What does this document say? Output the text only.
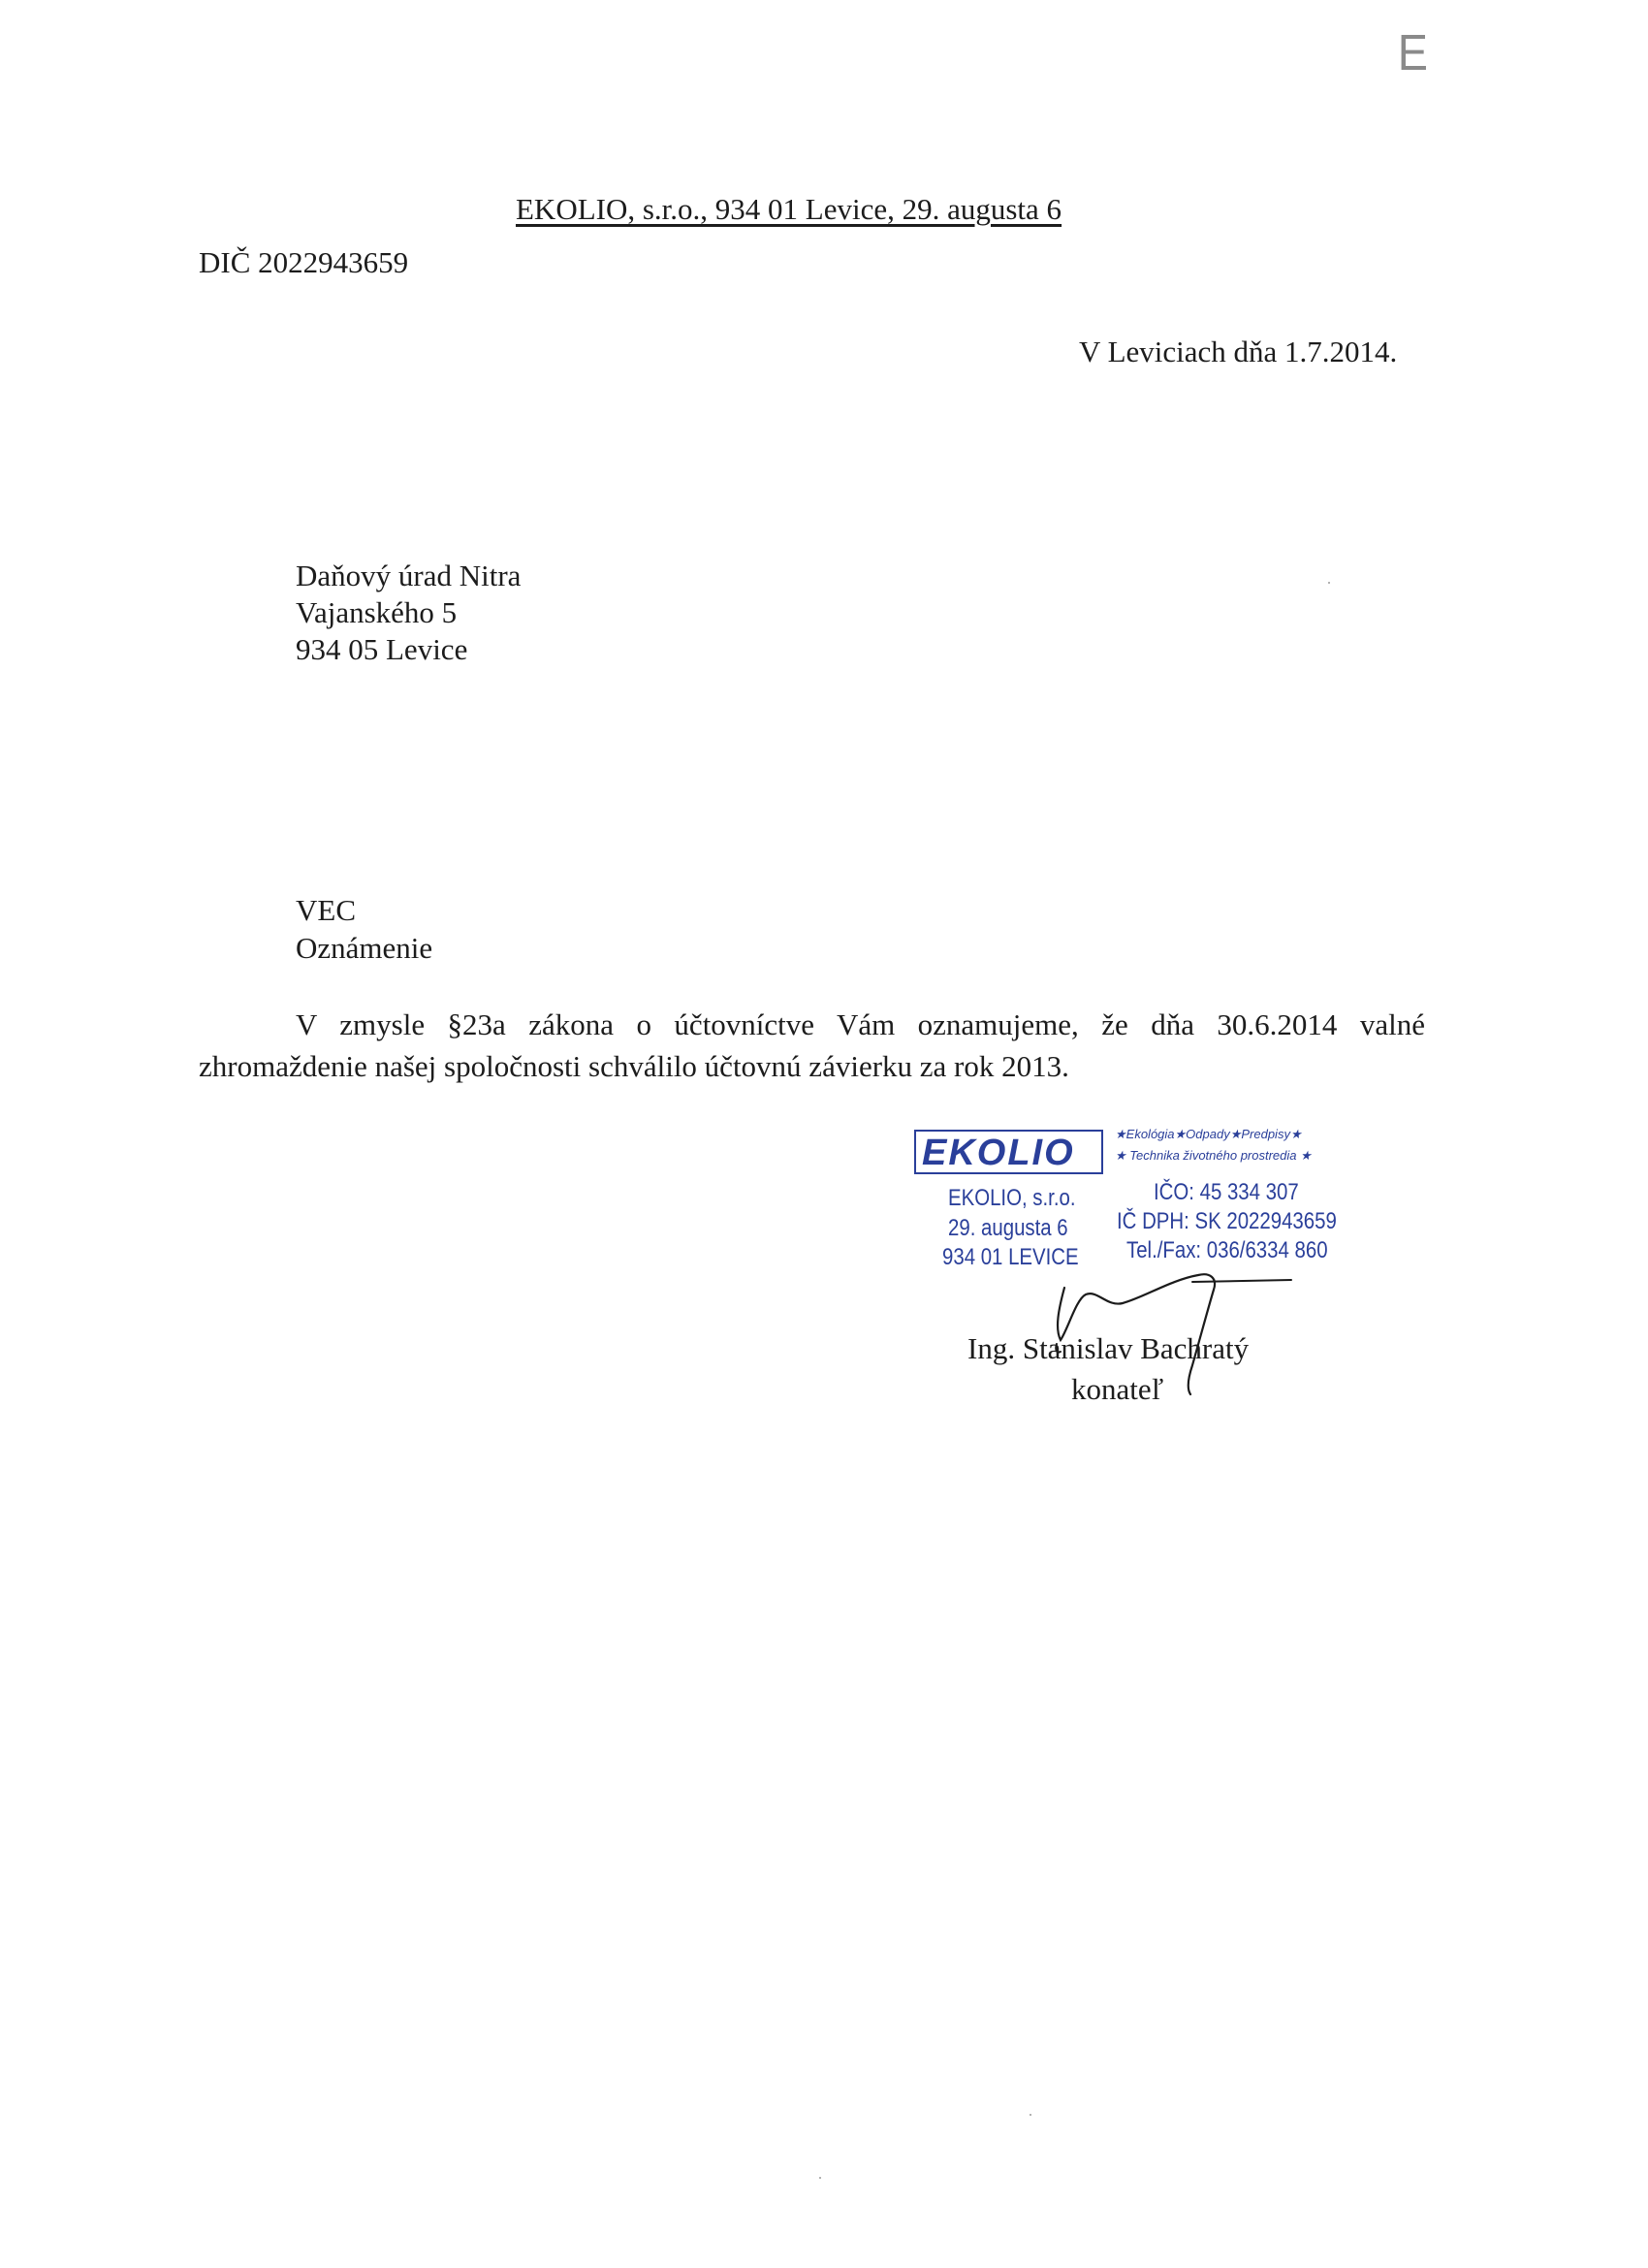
E
EKOLIO, s.r.o., 934 01 Levice, 29. augusta 6
DIČ 2022943659
V Leviciach dňa 1.7.2014.
Daňový úrad Nitra
Vajanského 5
934 05 Levice
VEC
Oznámenie
V zmysle §23a zákona o účtovníctve Vám oznamujeme, že dňa 30.6.2014 valné
zhromaždenie našej spoločnosti schválilo účtovnú závierku za rok 2013.
EKOLIO	★Ekológia★Odpady★Predpisy★
★ Technika životného prostredia ★
EKOLIO, s.r.o.
29. augusta 6
934 01 LEVICE
IČO: 45 334 307
IČ DPH: SK 2022943659
Tel./Fax: 036/6334 860
Ing. Stanislav Bachratý
konateľ
